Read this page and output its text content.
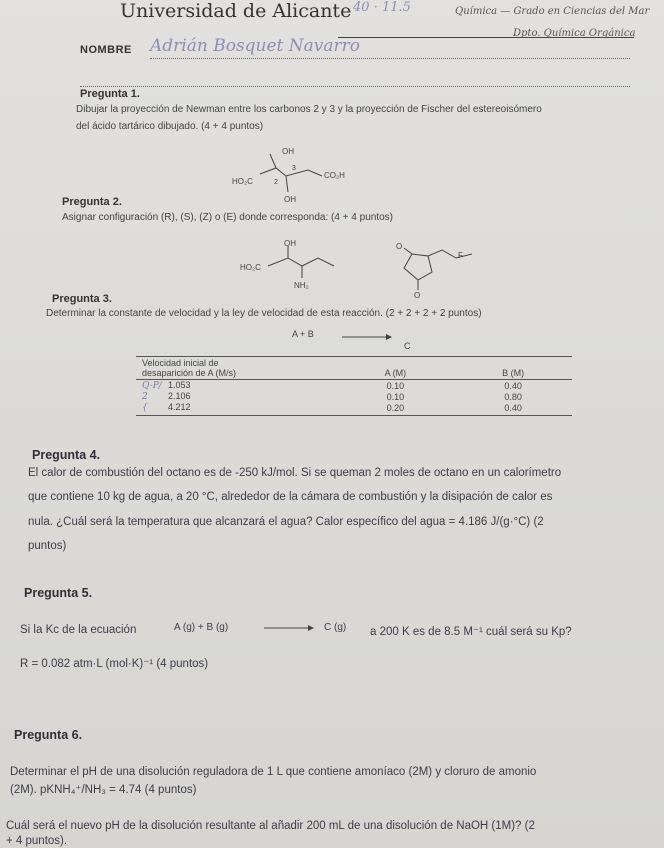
Universidad de Alicante 40 · 11.5	Química — Grado en Ciencias del Mar
Dpto. Química Orgánica
NOMBRE Adrián Bosquet Navarro
Pregunta 1.
Dibujar la proyección de Newman entre los carbonos 2 y 3 y la proyección de Fischer del estereoisómero
del ácido tartárico dibujado. (4 + 4 puntos)
OH
HO₂C	2
3
CO₂H
OH
Pregunta 2.
Asignar configuración (R), (S), (Z) o (E) donde corresponda: (4 + 4 puntos)
OH
HO₂C
NH₂
O
F
O
Pregunta 3.
Determinar la constante de velocidad y la ley de velocidad de esta reacción. (2 + 2 + 2 + 2 puntos)
A + B
C
Velocidad inicial de
desaparición de A (M/s)	A (M)	B (M)
Q-P/ 1.053	0.10	0.40
2 2.106	0.10	0.80
{ 4.212	0.20	0.40
Pregunta 4.
El calor de combustión del octano es de -250 kJ/mol. Si se queman 2 moles de octano en un calorímetro
que contiene 10 kg de agua, a 20 °C, alrededor de la cámara de combustión y la disipación de calor es
nula. ¿Cuál será la temperatura que alcanzará el agua? Calor específico del agua = 4.186 J/(g·°C) (2
puntos)
Pregunta 5.
Si la Kc de la ecuación	A (g) + B (g)	C (g) a 200 K es de 8.5 M⁻¹ cuál será su Kp?
R = 0.082 atm·L (mol·K)⁻¹ (4 puntos)
Pregunta 6.
Determinar el pH de una disolución reguladora de 1 L que contiene amoníaco (2M) y cloruro de amonio
(2M). pKNH₄⁺/NH₃ = 4.74 (4 puntos)
Cuál será el nuevo pH de la disolución resultante al añadir 200 mL de una disolución de NaOH (1M)? (2
+ 4 puntos).
